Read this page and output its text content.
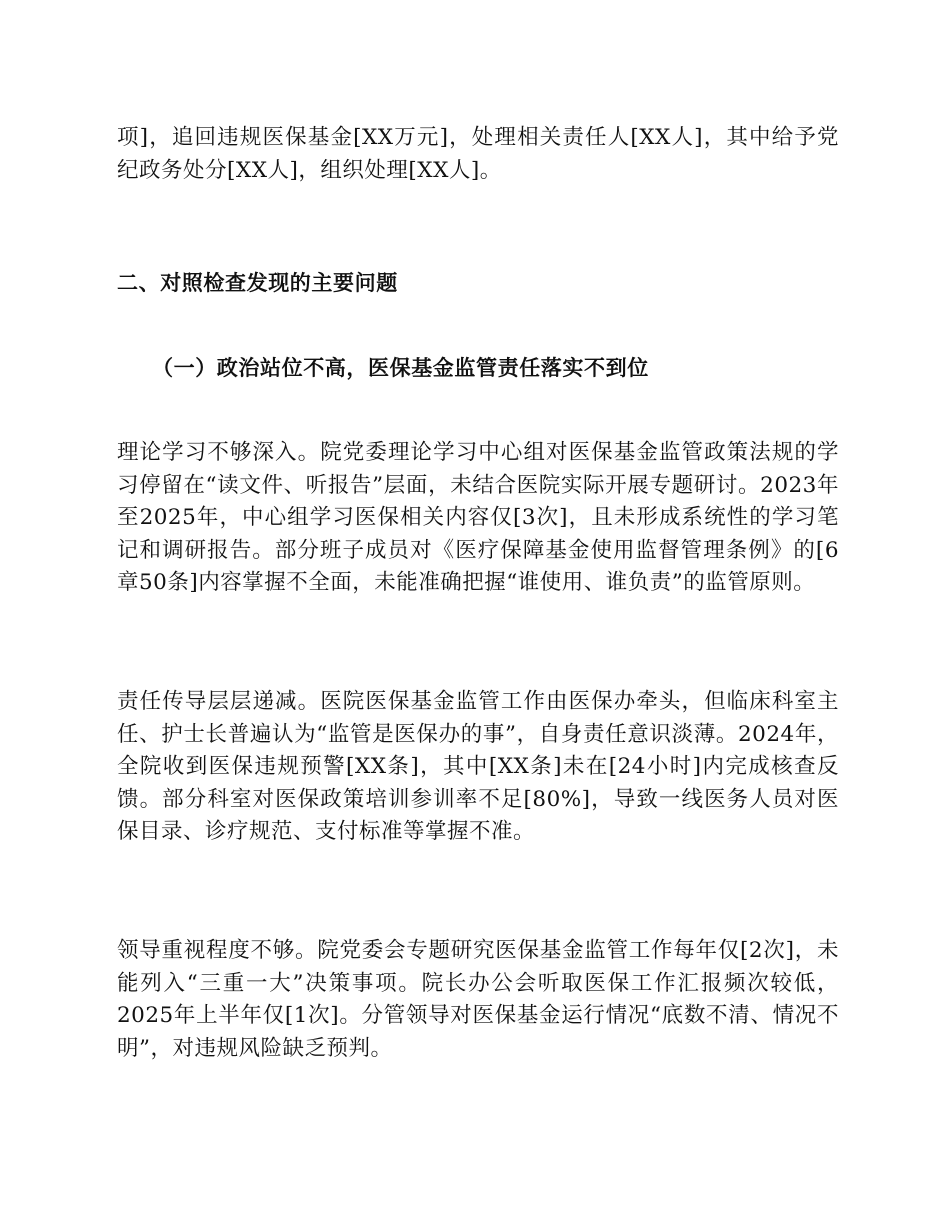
项]，追回违规医保基金[XX万元]，处理相关责任人[XX人]，其中给予党纪政务处分[XX人]，组织处理[XX人]。

二、对照检查发现的主要问题
（一）政治站位不高，医保基金监管责任落实不到位

理论学习不够深入。院党委理论学习中心组对医保基金监管政策法规的学习停留在“读文件、听报告”层面，未结合医院实际开展专题研讨。2023年至2025年，中心组学习医保相关内容仅[3次]，且未形成系统性的学习笔记和调研报告。部分班子成员对《医疗保障基金使用监督管理条例》的[6章50条]内容掌握不全面，未能准确把握“谁使用、谁负责”的监管原则。

责任传导层层递减。医院医保基金监管工作由医保办牵头，但临床科室主任、护士长普遍认为“监管是医保办的事”，自身责任意识淡薄。2024年，全院收到医保违规预警[XX条]，其中[XX条]未在[24小时]内完成核查反馈。部分科室对医保政策培训参训率不足[80%]，导致一线医务人员对医保目录、诊疗规范、支付标准等掌握不准。

领导重视程度不够。院党委会专题研究医保基金监管工作每年仅[2次]，未能列入“三重一大”决策事项。院长办公会听取医保工作汇报频次较低，2025年上半年仅[1次]。分管领导对医保基金运行情况“底数不清、情况不明”，对违规风险缺乏预判。
